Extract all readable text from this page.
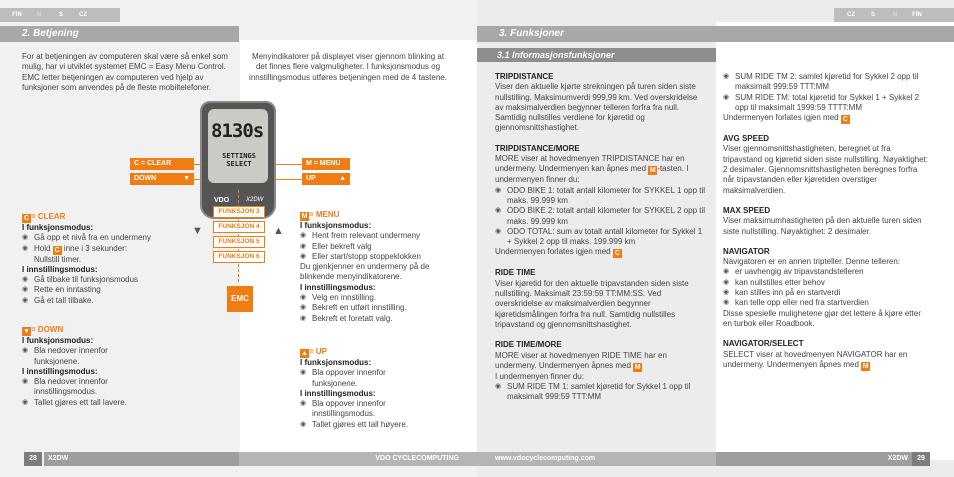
FIN	N	S	CZ
2. Betjening
For at betjeningen av computeren skal være så enkel som mulig, har vi utviklet systemet EMC = Easy Menu Control. EMC letter betjeningen av computeren ved hjelp av funksjoner som anvendes på de fleste mobiltelefoner.
Menyindikatorer på displayet viser gjennom blinking at det finnes flere valgmuligheter. I funksjonsmodus og innstillingsmodus utføres betjeningen med de 4 tastene.
8130s
SETTINGS SELECT
VDO	X2DW
C = CLEAR
DOWN	▼
M = MENU
UP	▲
FUNKSJON 3
FUNKSJON 4
FUNKSJON 5
FUNKSJON 6
▼	▲
EMC
C = CLEAR
I funksjonsmodus:
◉ Gå opp et nivå fra en undermeny
◉ Hold C inne i 3 sekunder:
Nullstill timer.
I innstillingsmodus:
◉ Gå tilbake til funksjonsmodus
◉ Rette en inntasting
◉ Gå et tall tilbake.
▼= DOWN
I funksjonsmodus:
◉ Bla nedover innenfor funksjonene.
I innstillingsmodus:
◉ Bla nedover innenfor innstillingsmodus.
◉ Tallet gjøres ett tall lavere.
M = MENU
I funksjonsmodus:
◉ Hent frem relevant undermeny
◉ Eller bekreft valg
◉ Eller start/stopp stoppeklokken
Du gjenkjenner en undermeny på de blinkende menyindikatorene.
I innstillingsmodus:
◉ Velg en innstilling.
◉ Bekreft en utført innstilling.
◉ Bekreft et foretatt valg.
▲= UP
I funksjonsmodus:
◉ Bla oppover innenfor funksjonene.
I innstillingsmodus:
◉ Bla oppover innenfor innstillingsmodus.
◉ Tallet gjøres ett tall høyere.
28	X2DW	VDO CYCLECOMPUTING
CZ	S	N	FIN
3. Funksjoner
3.1 Informasjonsfunksjoner
TRIPDISTANCE
Viser den aktuelle kjørte strekningen på turen siden siste nullstilling. Maksimumverdi 999,99 km. Ved overskridelse av maksimalverdien begynner telleren forfra fra null. Samtidig nullstilles verdiene for kjøretid og gjennomsnittshastighet.
TRIPDISTANCE/MORE
MORE viser at hovedmenyen TRIPDISTANCE har en undermeny. Undermenyen kan åpnes med M -tasten. I undermenyen finner du:
◉ ODO BIKE 1: totalt antall kilometer for SYKKEL 1 opp til maks. 99.999 km
◉ ODO BIKE 2: totalt antall kilometer for SYKKEL 2 opp til maks. 99.999 km
◉ ODO TOTAL: sum av totalt antall kilometer for Sykkel 1 + Sykkel 2 opp til maks. 199.999 km
Undermenyen forlates igjen med C
RIDE TIME
Viser kjøretid for den aktuelle tripavstanden siden siste nullstilling. Maksimalt 23:59:59 TT:MM:SS. Ved overskridelse av maksimalverdien begynner kjøretidsmålingen forfra fra null. Samtidig nullstilles tripavstand og gjennomsnittshastighet.
RIDE TIME/MORE
MORE viser at hovedmenyen RIDE TIME har en undermeny. Undermenyen åpnes med M
I undermenyen finner du:
◉ SUM RIDE TM 1: samlet kjøretid for Sykkel 1 opp til maksimalt 999:59 TTT:MM
◉ SUM RIDE TM 2: samlet kjøretid for Sykkel 2 opp til maksimalt 999:59 TTT:MM
◉ SUM RIDE TM: total kjøretid for Sykkel 1 + Sykkel 2 opp til maksimalt 1999:59 TTTT:MM
Undermenyen forlates igjen med C
AVG SPEED
Viser gjennomsnittshastigheten, beregnet ut fra tripavstand og kjøretid siden siste nullstilling. Nøyaktighet: 2 desimaler. Gjennomsnittshastigheten beregnes forfra når tripavstanden eller kjøretiden overstiger maksimalverdien.
MAX SPEED
Viser maksimumhastigheten på den aktuelle turen siden siste nullstilling. Nøyaktighet: 2 desimaler.
NAVIGATOR
Navigatoren er en annen tripteller. Denne telleren:
◉ er uavhengig av tripavstandstelleren
◉ kan nullstilles etter behov
◉ kan stilles inn på en startverdi
◉ kan telle opp eller ned fra startverdien
Disse spesielle mulighetene gjør det lettere å kjøre etter en turbok eller Roadbook.
NAVIGATOR/SELECT
SELECT viser at hovedmenyen NAVIGATOR har en undermeny. Undermenyen åpnes med M
www.vdocyclecomputing.com	X2DW	29
